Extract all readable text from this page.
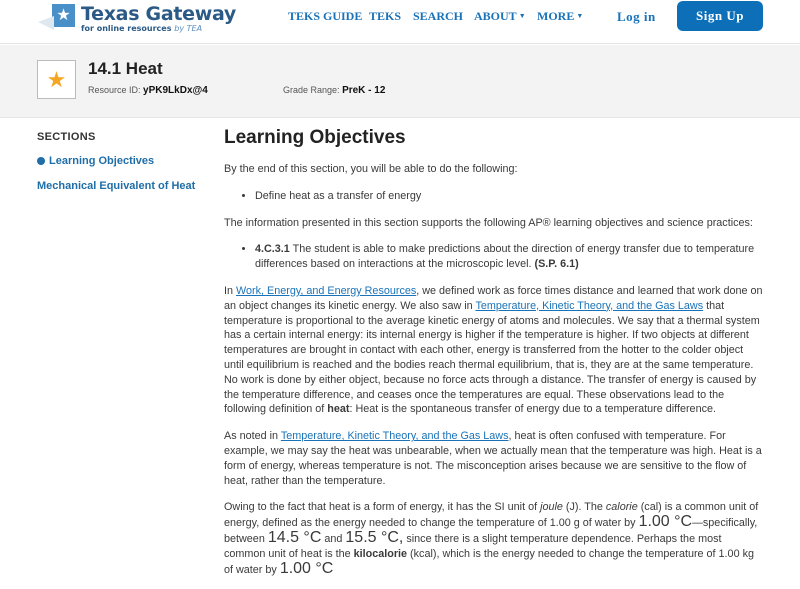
★ Texas Gateway
for online resources by TEA
TEKS GUIDE TEKS SEARCH ABOUT ▼ MORE ▼	Log in	Sign Up
★	14.1 Heat
Resource ID: yPK9LkDx@4	Grade Range: PreK - 12
SECTIONS
Learning Objectives
Mechanical Equivalent of Heat
Learning Objectives

By the end of this section, you will be able to do the following:

• Define heat as a transfer of energy

The information presented in this section supports the following AP® learning objectives and science practices:

• 4.C.3.1 The student is able to make predictions about the direction of energy transfer due to temperature differences based on interactions at the microscopic level. (S.P. 6.1)

In Work, Energy, and Energy Resources, we defined work as force times distance and learned that work done on an object changes its kinetic energy. We also saw in Temperature, Kinetic Theory, and the Gas Laws that temperature is proportional to the average kinetic energy of atoms and molecules. We say that a thermal system has a certain internal energy: its internal energy is higher if the temperature is higher. If two objects at different temperatures are brought in contact with each other, energy is transferred from the hotter to the colder object until equilibrium is reached and the bodies reach thermal equilibrium, that is, they are at the same temperature. No work is done by either object, because no force acts through a distance. The transfer of energy is caused by the temperature difference, and ceases once the temperatures are equal. These observations lead to the following definition of heat: Heat is the spontaneous transfer of energy due to a temperature difference.

As noted in Temperature, Kinetic Theory, and the Gas Laws, heat is often confused with temperature. For example, we may say the heat was unbearable, when we actually mean that the temperature was high. Heat is a form of energy, whereas temperature is not. The misconception arises because we are sensitive to the flow of heat, rather than the temperature.

Owing to the fact that heat is a form of energy, it has the SI unit of joule (J). The calorie (cal) is a common unit of energy, defined as the energy needed to change the temperature of 1.00 g of water by 1.00 °C—specifically, between 14.5 °C and 15.5 °C, since there is a slight temperature dependence. Perhaps the most common unit of heat is the kilocalorie (kcal), which is the energy needed to change the temperature of 1.00 kg of water by 1.00 °C
